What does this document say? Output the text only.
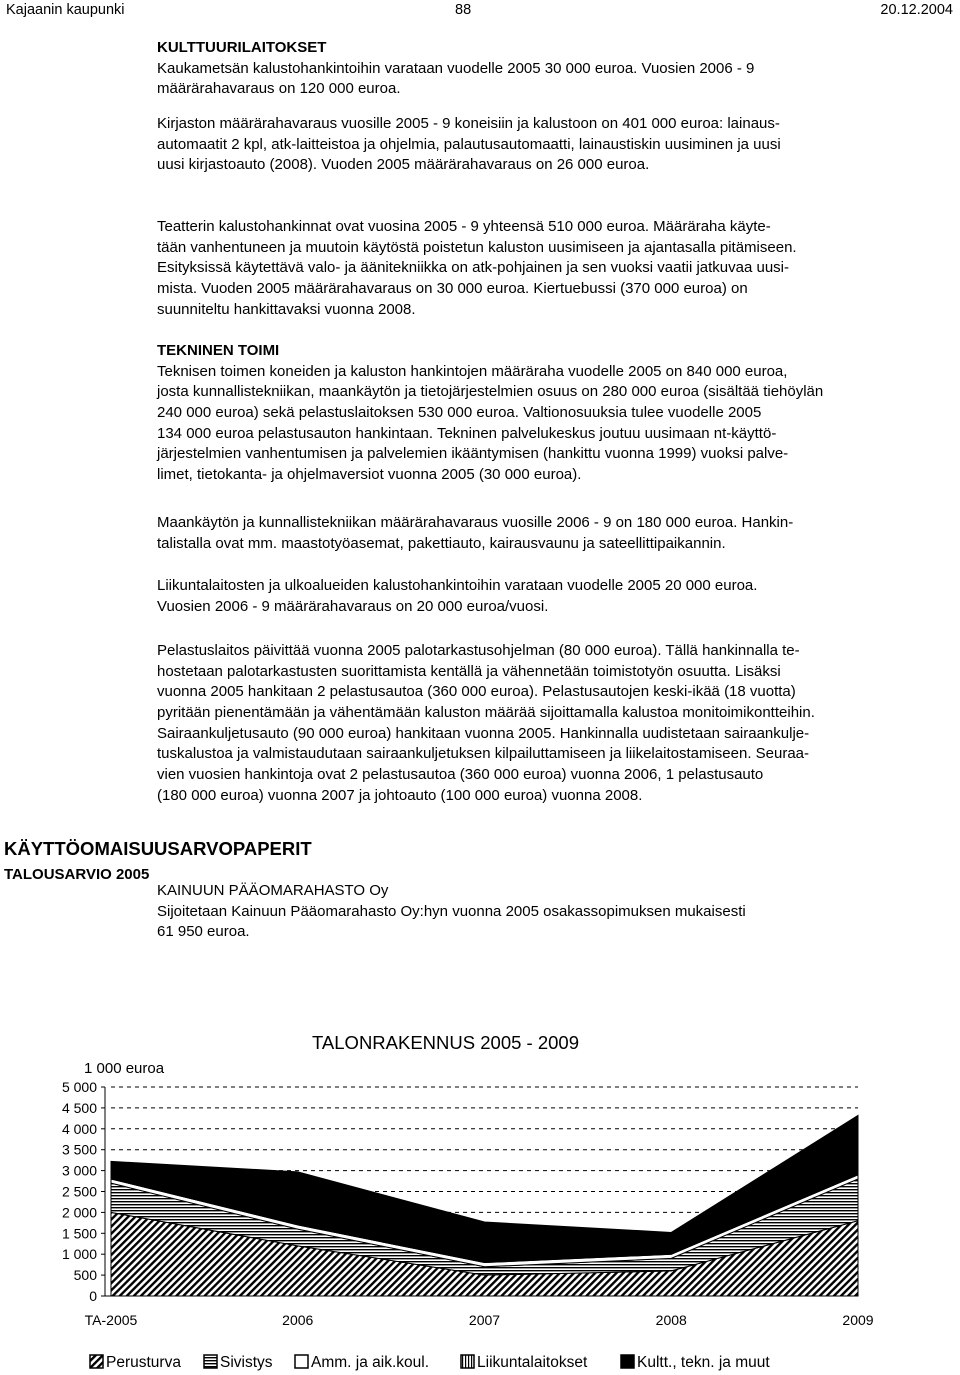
Kajaanin kaupunki	88	20.12.2004
KULTTUURILAITOKSET
Kaukametsän kalustohankintoihin varataan vuodelle 2005 30 000 euroa. Vuosien 2006 - 9
määrärahavaraus on 120 000 euroa.
Kirjaston määrärahavaraus vuosille 2005 - 9 koneisiin ja kalustoon on 401 000 euroa: lainaus-
automaatit 2 kpl, atk-laitteistoa ja ohjelmia, palautusautomaatti, lainaustiskin uusiminen ja uusi
uusi kirjastoauto (2008). Vuoden 2005 määrärahavaraus on 26 000 euroa.
Teatterin kalustohankinnat ovat vuosina 2005 - 9 yhteensä 510 000 euroa. Määräraha käyte-
tään vanhentuneen ja muutoin käytöstä poistetun kaluston uusimiseen ja ajantasalla pitämiseen.
Esityksissä käytettävä valo- ja äänitekniikka on atk-pohjainen ja sen vuoksi vaatii jatkuvaa uusi-
mista. Vuoden 2005 määrärahavaraus on 30 000 euroa. Kiertuebussi (370 000 euroa) on
suunniteltu hankittavaksi vuonna 2008.
TEKNINEN TOIMI
Teknisen toimen koneiden ja kaluston hankintojen määräraha vuodelle 2005 on 840 000 euroa,
josta kunnallistekniikan, maankäytön ja tietojärjestelmien osuus on 280 000 euroa (sisältää tiehöylän
240 000 euroa) sekä pelastuslaitoksen 530 000 euroa. Valtionosuuksia tulee vuodelle 2005
134 000 euroa pelastusauton hankintaan. Tekninen palvelukeskus joutuu uusimaan nt-käyttö-
järjestelmien vanhentumisen ja palvelemien ikääntymisen (hankittu vuonna 1999) vuoksi palve-
limet, tietokanta- ja ohjelmaversiot vuonna 2005 (30 000 euroa).
Maankäytön ja kunnallistekniikan määrärahavaraus vuosille 2006 - 9 on 180 000 euroa. Hankin-
talistalla ovat mm. maastotyöasemat, pakettiauto, kairausvaunu ja sateellittipaikannin.
Liikuntalaitosten ja ulkoalueiden kalustohankintoihin varataan vuodelle 2005 20 000 euroa.
Vuosien 2006 - 9 määrärahavaraus on 20 000 euroa/vuosi.
Pelastuslaitos päivittää vuonna 2005 palotarkastusohjelman (80 000 euroa). Tällä hankinnalla te-
hostetaan palotarkastusten suorittamista kentällä ja vähennetään toimistotyön osuutta. Lisäksi
vuonna 2005 hankitaan 2 pelastusautoa (360 000 euroa). Pelastusautojen keski-ikää (18 vuotta)
pyritään pienentämään ja vähentämään kaluston määrää sijoittamalla kalustoa monitoimikontteihin.
Sairaankuljetusauto (90 000 euroa) hankitaan vuonna 2005. Hankinnalla uudistetaan sairaankulje-
tuskalustoa ja valmistaudutaan sairaankuljetuksen kilpailuttamiseen ja liikelaitostamiseen. Seuraa-
vien vuosien hankintoja ovat 2 pelastusautoa (360 000 euroa) vuonna 2006, 1 pelastusauto
(180 000 euroa) vuonna 2007 ja johtoauto (100 000 euroa) vuonna 2008.
KÄYTTÖOMAISUUSARVOPAPERIT
TALOUSARVIO 2005
KAINUUN PÄÄOMARAHASTO Oy
Sijoitetaan Kainuun Pääomarahasto Oy:hyn vuonna 2005 osakassopimuksen mukaisesti
61 950 euroa.
0
500
1 000
1 500
2 000
2 500
3 000
3 500
4 000
4 500
5 000
TA-2005	2006	2007	2008	2009
TALONRAKENNUS 2005 - 2009
1 000 euroa
Perusturva	Sivistys Amm. ja aik.koul.	Liikuntalaitokset	Kultt., tekn. ja muut
